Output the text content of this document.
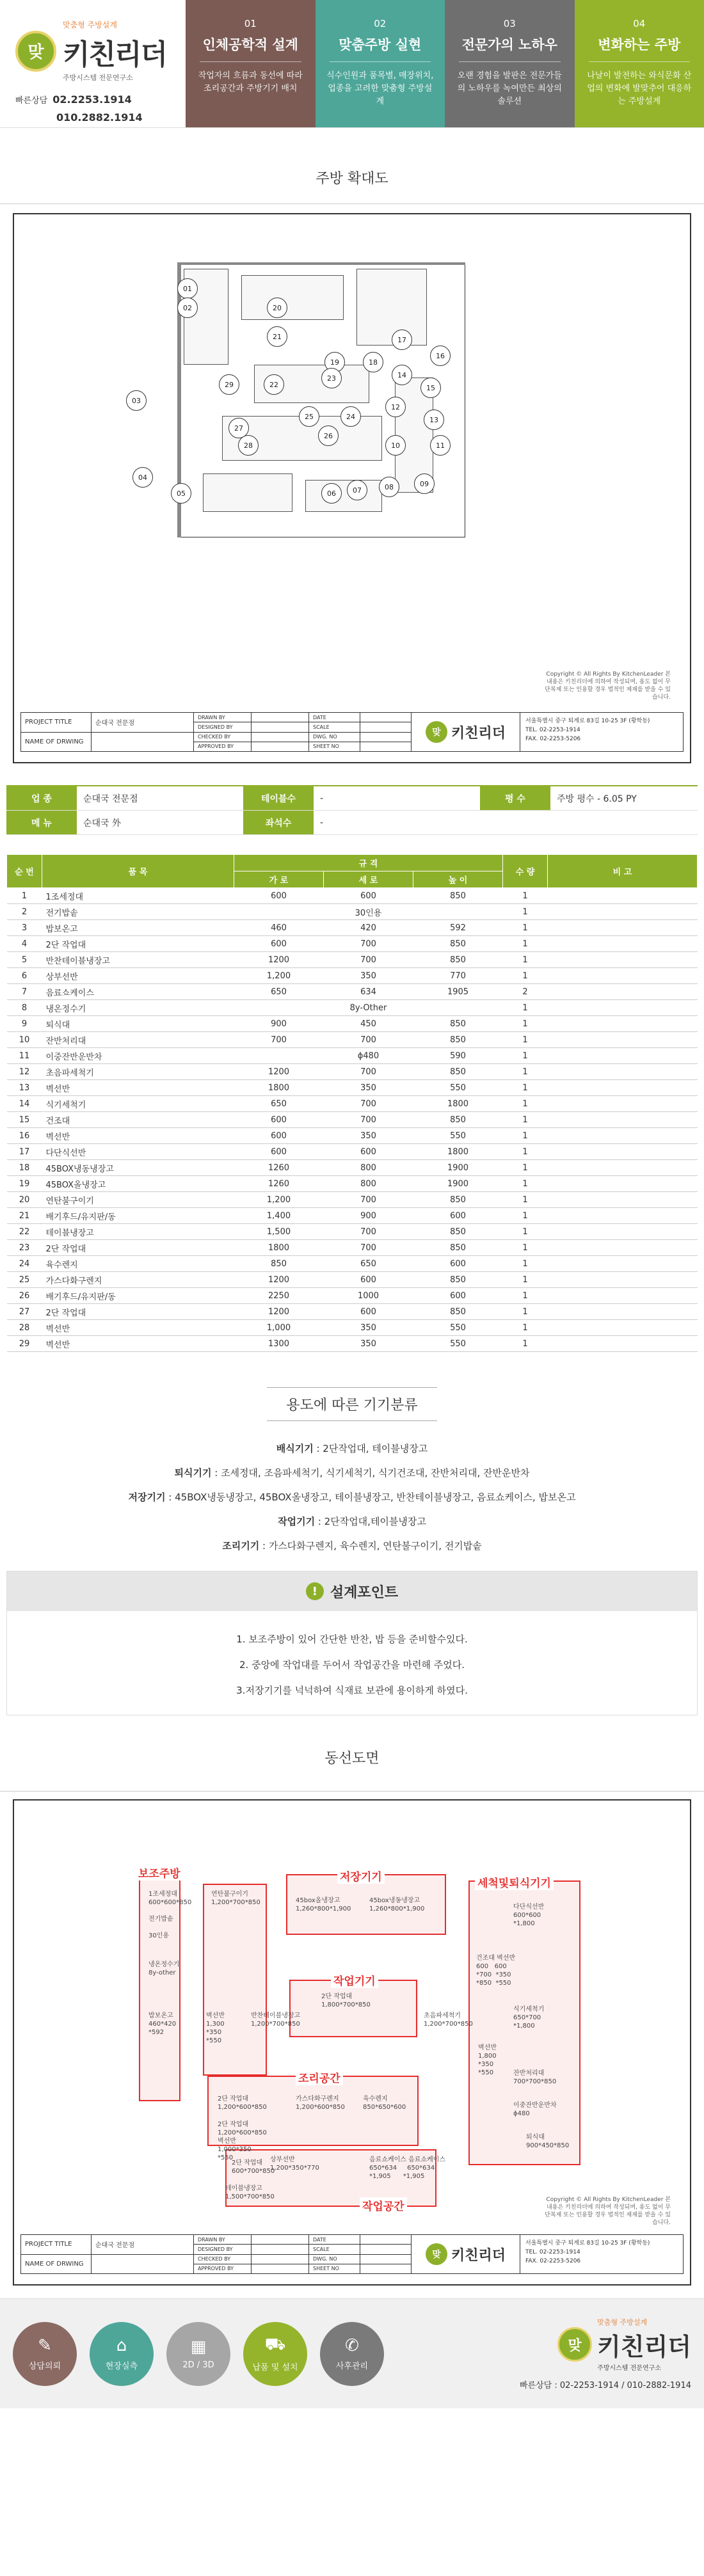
맞
맞춤형 주방설계
키친리더
주방시스템 전문연구소
빠른상담 02.2253.1914
010.2882.1914
01
인체공학적 설계
작업자의 흐름과 동선에 따라 조리공간과 주방기기 배치
02
맞춤주방 실현
식수인원과 품목별, 매장위치, 업종을 고려한 맞춤형 주방설계
03
전문가의 노하우
오랜 경험을 발판은 전문가들의 노하우를 녹여만든 최상의 솔루션
04
변화하는 주방
나날이 발전하는 와식문화 산업의 변화에 발맞추어 대응하는 주방설계
주방 확대도
01
02
03
04
05	06	07	08	09
10	11
12
13
14
15
16
17
18
19
20
21
22
23
24
25
26
27
28
29
Copyright © All Rights By KitchenLeader 본 내용은 키친리더에 의하여 작성되며, 용도 없이 무단복제 또는 인용할 경우 법적인 제재를 받을 수 있습니다.
PROJECT TITLE
NAME OF DRWING
순대국 전문점
DRAWN BY
DESIGNED BY
CHECKED BY
APPROVED BY
DATE
SCALE
DWG. NO
SHEET NO
맞 키친리더
서울특별시 중구 퇴계로 83길 10-25 3F (황학동)
TEL. 02-2253-1914
FAX. 02-2253-5206
업 종	순대국 전문점	테이블수	-	평 수	주방 평수 - 6.05 PY
메 뉴	순대국 外	좌석수	-
순 번	품 목	규 격			수 량	비 고
		가 로	세 로	높 이		
1	1조세정대	600	600	850	1	
2	전기밥솥		30인용		1	
3	밥보온고	460	420	592	1	
4	2단 작업대	600	700	850	1	
5	반찬테이블냉장고	1200	700	850	1	
6	상부선반	1,200	350	770	1	
7	음료쇼케이스	650	634	1905	2	
8	냉온정수기		8y-Other		1	
9	퇴식대	900	450	850	1	
10	잔반처리대	700	700	850	1	
11	이중잔반운반차		ϕ480	590	1	
12	초음파세척기	1200	700	850	1	
13	벽선반	1800	350	550	1	
14	식기세척기	650	700	1800	1	
15	건조대	600	700	850	1	
16	벽선반	600	350	550	1	
17	다단식선반	600	600	1800	1	
18	45BOX냉동냉장고	1260	800	1900	1	
19	45BOX올냉장고	1260	800	1900	1	
20	연탄불구이기	1,200	700	850	1	
21	배기후드/유지판/동	1,400	900	600	1	
22	테이블냉장고	1,500	700	850	1	
23	2단 작업대	1800	700	850	1	
24	육수렌지	850	650	600	1	
25	가스다화구렌지	1200	600	850	1	
26	배기후드/유지판/동	2250	1000	600	1	
27	2단 작업대	1200	600	850	1	
28	벽선반	1,000	350	550	1	
29	벽선반	1300	350	550	1	
용도에 따른 기기분류
배식기기 : 2단작업대, 테이블냉장고
퇴식기기 : 조세정대, 조음파세척기, 식기세척기, 식기건조대, 잔반처리대, 잔반운반차
저장기기 : 45BOX냉동냉장고, 45BOX올냉장고, 테이블냉장고, 반찬테이블냉장고, 음료쇼케이스, 밥보온고
작업기기 : 2단작업대,테이블냉장고
조리기기 : 가스다화구렌지, 육수렌지, 연탄불구이기, 전기밥솥
! 설계포인트
1. 보조주방이 있어 간단한 반찬, 밥 등을 준비할수있다.
2. 중앙에 작업대를 두어서 작업공간을 마련해 주었다.
3.저장기기를 넉넉하여 식재료 보관에 용이하게 하였다.
동선도면
보조주방	저장기기	세척및퇴식기기
작업기기
조리공간
작업공간
1조세정대
600*600*850

전기밥솥

30인용
연탄불구이기
1,200*700*850	45box올냉장고
1,260*800*1,900
45box냉동냉장고
1,260*800*1,900	다단식선반
600*600
*1,800
건조대 벽선반
600   600
*700  *350
*850  *550
식기세척기
650*700
*1,800
2단 작업대
1,800*700*850
초음파세척기
1,200*700*850
벽선반
1,800
*350
*550	잔반처리대
700*700*850
이중잔반운반차
ϕ480
퇴식대
900*450*850
가스다화구렌지
1,200*600*850
육수렌지
850*650*600
2단 작업대
1,200*600*850
음료쇼케이스 음료쇼케이스
650*634     650*634
*1,905      *1,905
반찬테이블냉장고
1,200*700*850
냉온정수기
8y-other
2단 작업대
600*700*850
상부선반
1,200*350*770
밥보온고
460*420
*592
벽선반
1,300
*350
*550
테이블냉장고
1,500*700*850
2단 작업대
1,200*600*850
벽선반
1,000*350
*550
Copyright © All Rights By KitchenLeader 본 내용은 키친리더에 의하여 작성되며, 용도 없이 무단복제 또는 인용할 경우 법적인 제재를 받을 수 있습니다.
PROJECT TITLE
NAME OF DRWING
순대국 전문점
DRAWN BY
DESIGNED BY
CHECKED BY
APPROVED BY
DATE
SCALE
DWG. NO
SHEET NO
맞 키친리더
서울특별시 중구 퇴계로 83길 10-25 3F (황학동)
TEL. 02-2253-1914
FAX. 02-2253-5206
✎
상담의뢰
⌂
현장실측
▦
2D / 3D
⛟
납품 및 설치
✆
사후관리
맞
맞춤형 주방설계
키친리더
주방시스템 전문연구소
빠른상담 : 02-2253-1914 / 010-2882-1914
